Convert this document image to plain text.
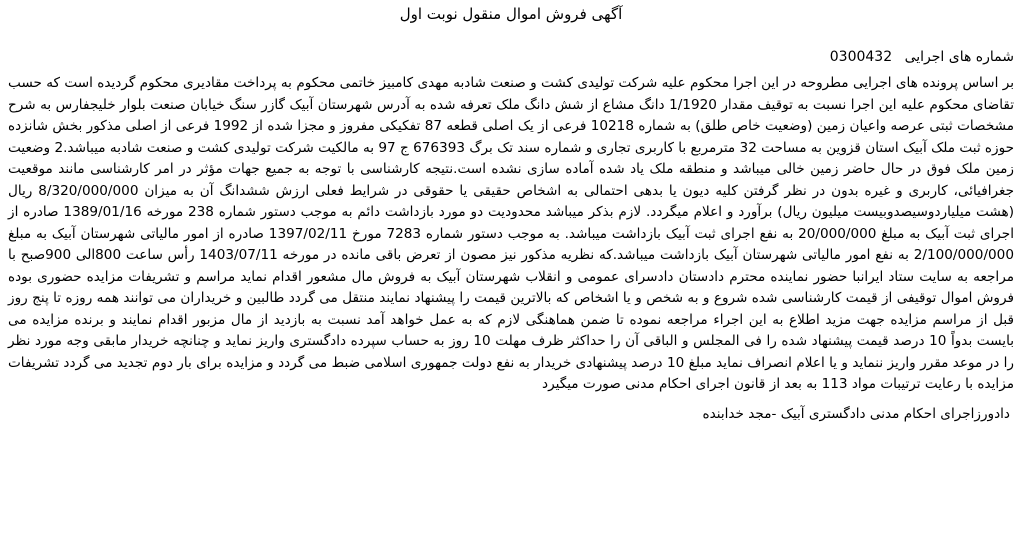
آگهی فروش اموال منقول نوبت اول
شماره های اجرایی 0300432
بر اساس پرونده های اجرایی مطروحه در این اجرا محکوم علیه شرکت تولیدی کشت و صنعت شادبه مهدی کامبیز خاتمی محکوم به پرداخت مقادیری محکوم گردیده است که حسب تقاضای محکوم علیه این اجرا نسبت به توقیف مقدار 1/1920 دانگ مشاع از شش دانگ ملک تعرفه شده به آدرس شهرستان آبیک گازر سنگ خیابان صنعت بلوار خلیجفارس به شرح مشخصات ثبتی عرصه واعیان زمین (وضعیت خاص طلق) به شماره 10218 فرعی از یک اصلی قطعه 87 تفکیکی مفروز و مجزا شده از 1992 فرعی از اصلی مذکور بخش شانزده حوزه ثبت ملک آبیک استان قزوین به مساحت 32 مترمربع با کاربری تجاری و شماره سند تک برگ 676393 ج 97 به مالکیت شرکت تولیدی کشت و صنعت شادبه میباشد.2 وضعیت زمین ملک فوق در حال حاضر زمین خالی میباشد و منطقه ملک یاد شده آماده سازی نشده است.نتیجه کارشناسی با توجه به جمیع جهات مؤثر در امر کارشناسی مانند موقعیت جغرافیائی، کاربری و غیره بدون در نظر گرفتن کلیه دیون یا بدهی احتمالی به اشخاص حقیقی یا حقوقی در شرایط فعلی ارزش ششدانگ آن به میزان 8/320/000/000 ریال (هشت میلیاردوسیصدوبیست میلیون ریال) برآورد و اعلام میگردد. لازم بذکر میباشد محدودیت دو مورد بازداشت دائم به موجب دستور شماره 238 مورخه 1389/01/16 صادره از اجرای ثبت آبیک به مبلغ 20/000/000 به نفع اجرای ثبت آبیک بازداشت میباشد. به موجب دستور شماره 7283 مورخ 1397/02/11 صادره از امور مالیاتی شهرستان آبیک به مبلغ 2/100/000/000 به نفع امور مالیاتی شهرستان آبیک بازداشت میباشد.که نظریه مذکور نیز مصون از تعرض باقی مانده در مورخه 1403/07/11 رأس ساعت 800الی 900صبح با مراجعه به سایت ستاد ایرانبا حضور نماینده محترم دادستان دادسرای عمومی و انقلاب شهرستان آبیک به فروش مال مشعور اقدام نماید مراسم و تشریفات مزایده حضوری بوده فروش اموال توقیفی از قیمت کارشناسی شده شروع و به شخص و یا اشخاص که بالاترین قیمت را پیشنهاد نمایند منتقل می گردد طالبین و خریداران می توانند همه روزه تا پنج روز قبل از مراسم مزایده جهت مزید اطلاع به این اجراء مراجعه نموده تا ضمن هماهنگی لازم که به عمل خواهد آمد نسبت به بازدید از مال مزبور اقدام نمایند و برنده مزایده می بایست بدواً 10 درصد قیمت پیشنهاد شده را فی المجلس و الباقی آن را حداکثر ظرف مهلت 10 روز به حساب سپرده دادگستری واریز نماید و چنانچه خریدار مابقی وجه مورد نظر را در موعد مقرر واریز ننماید و یا اعلام انصراف نماید مبلغ 10 درصد پیشنهادی خریدار به نفع دولت جمهوری اسلامی ضبط می گردد و مزایده برای بار دوم تجدید می گردد تشریفات مزایده با رعایت ترتیبات مواد 113 به بعد از قانون اجرای احکام مدنی صورت میگیرد
دادورزاجرای احکام مدنی دادگستری آبیک -مجد خدابنده
